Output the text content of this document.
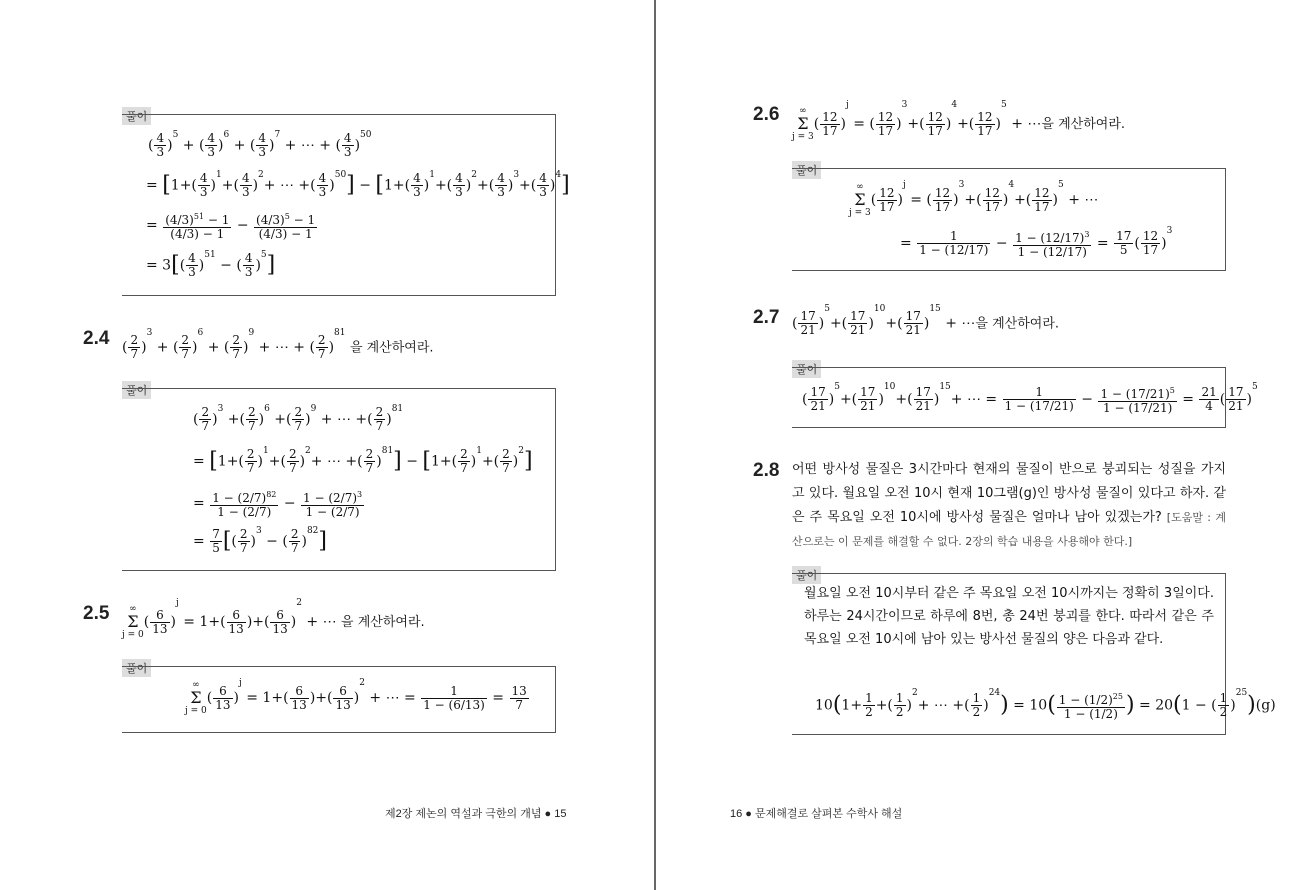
풀이
( $\frac{4}{3} )^5$ + ( $\frac{4}{3} )^6$ + ( $\frac{4}{3} )^7$ + ⋯ + ( $\frac{4}{3} )^{50}$
= [$1+( \frac{4}{3} )^1+( \frac{4}{3} )^2+$ ⋯ +( $\frac{4}{3} )^{50}] - [1+( \frac{4}{3} )^1+( \frac{4}{3} )^2+( \frac{4}{3} )^3+( \frac{4}{3} )^4]$
= $\frac{(4/3)^{51} - 1}{(4/3) - 1} - \frac{(4/3)^5 - 1}{(4/3) - 1}$
= $3[( \frac{4}{3} )^{51}$ − ( $\frac{4}{3} )^5$]
2.4 ( $\frac{2}{7} )^3$ + ( $\frac{2}{7} )^6$ + ( $\frac{2}{7} )^9$ + ⋯ + ( $\frac{2}{7} )^{81}$ 을 계산하여라.
풀이
( $\frac{2}{7} )^3$ +( $\frac{2}{7} )^6$ +( $\frac{2}{7} )^9$ + ⋯ +( $\frac{2}{7} )^{81}$
= [$1+( \frac{2}{7} )^1+( \frac{2}{7} )^2+$ ⋯ +( $\frac{2}{7} )^{81}] - [1+( \frac{2}{7} )^1+( \frac{2}{7} )^2]$
= $\frac{1 - (2/7)^{82}}{1 - (2/7)} - \frac{1 - (2/7)^3}{1 - (2/7)}$
= $\frac{7}{5}$ [( $\frac{2}{7} )^3$ − ( $\frac{2}{7} )^{82}$]
2.5	∞
Σ
$j = 0( \frac{6}{13} )^j = 1+( \frac{6}{13}$ )+( $\frac{6}{13} )^2$ + ⋯ 을 계산하여라.
풀이
∞
Σ
$j = 0( \frac{6}{13} )^j = 1+( \frac{6}{13}$ )+( $\frac{6}{13} )^2$ + ⋯ = $\frac{1}{1 - (6/13)} = \frac{13}{7}$
제2장 제논의 역설과 극한의 개념 ● 15
2.6	∞
Σ
$j = 3( \frac{12}{17} )^j$ = ( $\frac{12}{17} )^3+( \frac{12}{17} )^4+( \frac{12}{17} )^5$ + ⋯을 계산하여라.
풀이
∞
Σ
$j = 3( \frac{12}{17} )^j$ = ( $\frac{12}{17} )^3+( \frac{12}{17} )^4+( \frac{12}{17} )^5$ + ⋯
= $\frac{1}{1 - (12/17)} - \frac{1 - (12/17)^3}{1 - (12/17)} = \frac{17}{5}$ ( $\frac{12}{17} )^3$
2.7 ( $\frac{17}{21} )^5+( \frac{17}{21} )^{10}+( \frac{17}{21} )^{15}$ + ⋯을 계산하여라.
풀이
( $\frac{17}{21} )^5+( \frac{17}{21} )^{10}+( \frac{17}{21} )^{15}+$ ⋯ = $\frac{1}{1 - (17/21)} - \frac{1 - (17/21)^5}{1 - (17/21)} = \frac{21}{4}$ ( $\frac{17}{21} )^5$
2.8 어떤 방사성 물질은 3시간마다 현재의 물질이 반으로 붕괴되는 성질을 가지고 있다. 월요일 오전 10시 현재 10그램(g)인 방사성 물질이 있다고 하자. 같은 주 목요일 오전 10시에 방사성 물질은 얼마나 남아 있겠는가? [도움말 : 계산으로는 이 문제를 해결할 수 없다. 2장의 학습 내용을 사용해야 한다.]
풀이
월요일 오전 10시부터 같은 주 목요일 오전 10시까지는 정확히 3일이다. 하루는 24시간이므로 하루에 8번, 총 24번 붕괴를 한다. 따라서 같은 주 목요일 오전 10시에 남아 있는 방사선 물질의 양은 다음과 같다.
$10(1+ \frac{1}{2}$ +( $\frac{1}{2} )^2+$ ⋯ +( $\frac{1}{2} )^{24}) = 10( \frac{1 - (1/2)^{25}}{1 - (1/2)}$ ) = 20(1 − ( $\frac{1}{2} )^{25})(g)$
16 ● 문제해결로 살펴본 수학사 해설
